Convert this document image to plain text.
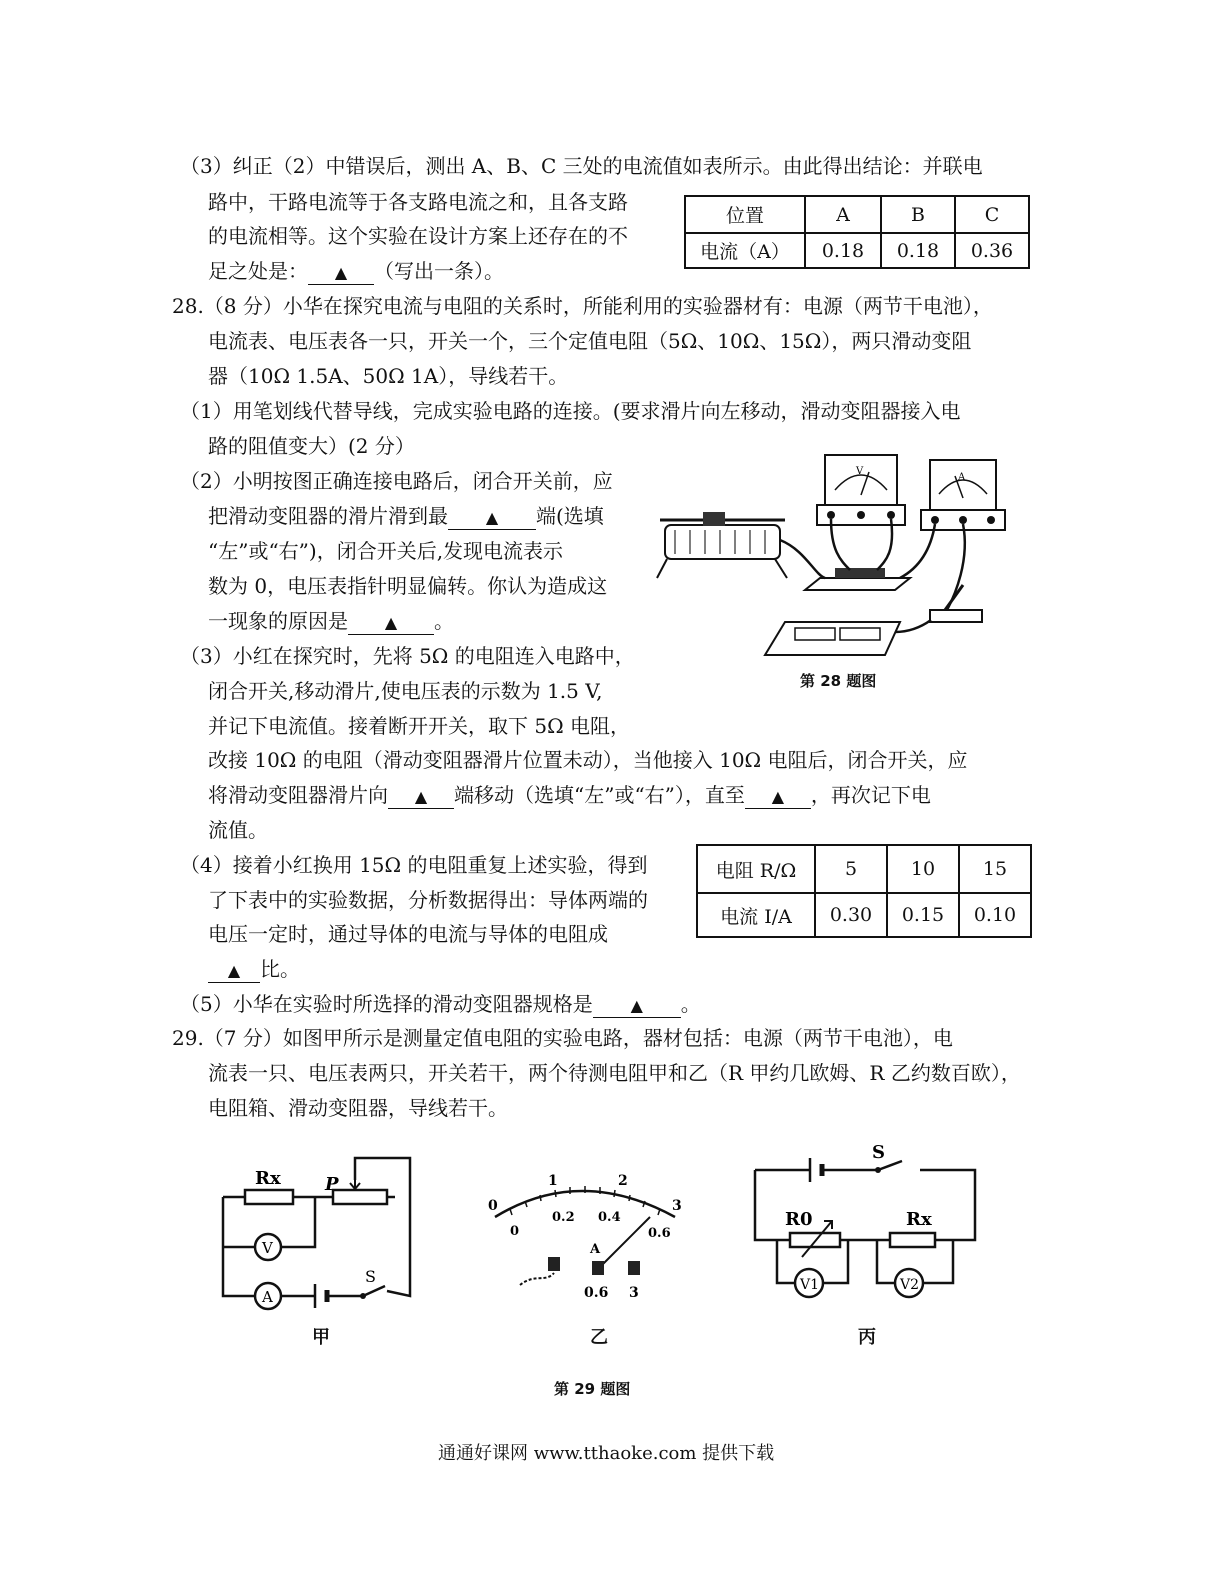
（3）纠正（2）中错误后，测出 A、B、C 三处的电流值如表所示。由此得出结论：并联电
路中，干路电流等于各支路电流之和，且各支路
的电流相等。这个实验在设计方案上还存在的不
足之处是： ▲ （写出一条）。
位置	A	B	C
电流（A）	0.18	0.18	0.36
28.（8 分）小华在探究电流与电阻的关系时，所能利用的实验器材有：电源（两节干电池），
电流表、电压表各一只，开关一个，三个定值电阻（5Ω、10Ω、15Ω），两只滑动变阻
器（10Ω 1.5A、50Ω 1A），导线若干。
（1）用笔划线代替导线，完成实验电路的连接。(要求滑片向左移动，滑动变阻器接入电
路的阻值变大）(2 分）
（2）小明按图正确连接电路后，闭合开关前，应
把滑动变阻器的滑片滑到最 ▲ 端(选填
“左”或“右”)，闭合开关后,发现电流表示
数为 0，电压表指针明显偏转。你认为造成这
一现象的原因是 ▲ 。
（3）小红在探究时，先将 5Ω 的电阻连入电路中，
闭合开关,移动滑片,使电压表的示数为 1.5 V,
并记下电流值。接着断开开关，取下 5Ω 电阻，
改接 10Ω 的电阻（滑动变阻器滑片位置未动），当他接入 10Ω 电阻后，闭合开关，应
将滑动变阻器滑片向 ▲ 端移动（选填“左”或“右”），直至 ▲ ，再次记下电
流值。
（4）接着小红换用 15Ω 的电阻重复上述实验，得到
了下表中的实验数据，分析数据得出：导体两端的
电压一定时，通过导体的电流与导体的电阻成
▲ 比。
（5）小华在实验时所选择的滑动变阻器规格是 ▲ 。
电阻 R/Ω	5	10	15
电流 I/A	0.30	0.15	0.10
V
A
第 28 题图
29.（7 分）如图甲所示是测量定值电阻的实验电路，器材包括：电源（两节干电池），电
流表一只、电压表两只，开关若干，两个待测电阻甲和乙（R 甲约几欧姆、R 乙约数百欧），
电阻箱、滑动变阻器，导线若干。
Rx P
V
A
S
甲
0
1	2
3
0
0.2 0.4
0.6
A
0.6 3
乙
S
R0	Rx
V1	V2
丙
第 29 题图
通通好课网 www.tthaoke.com 提供下载
